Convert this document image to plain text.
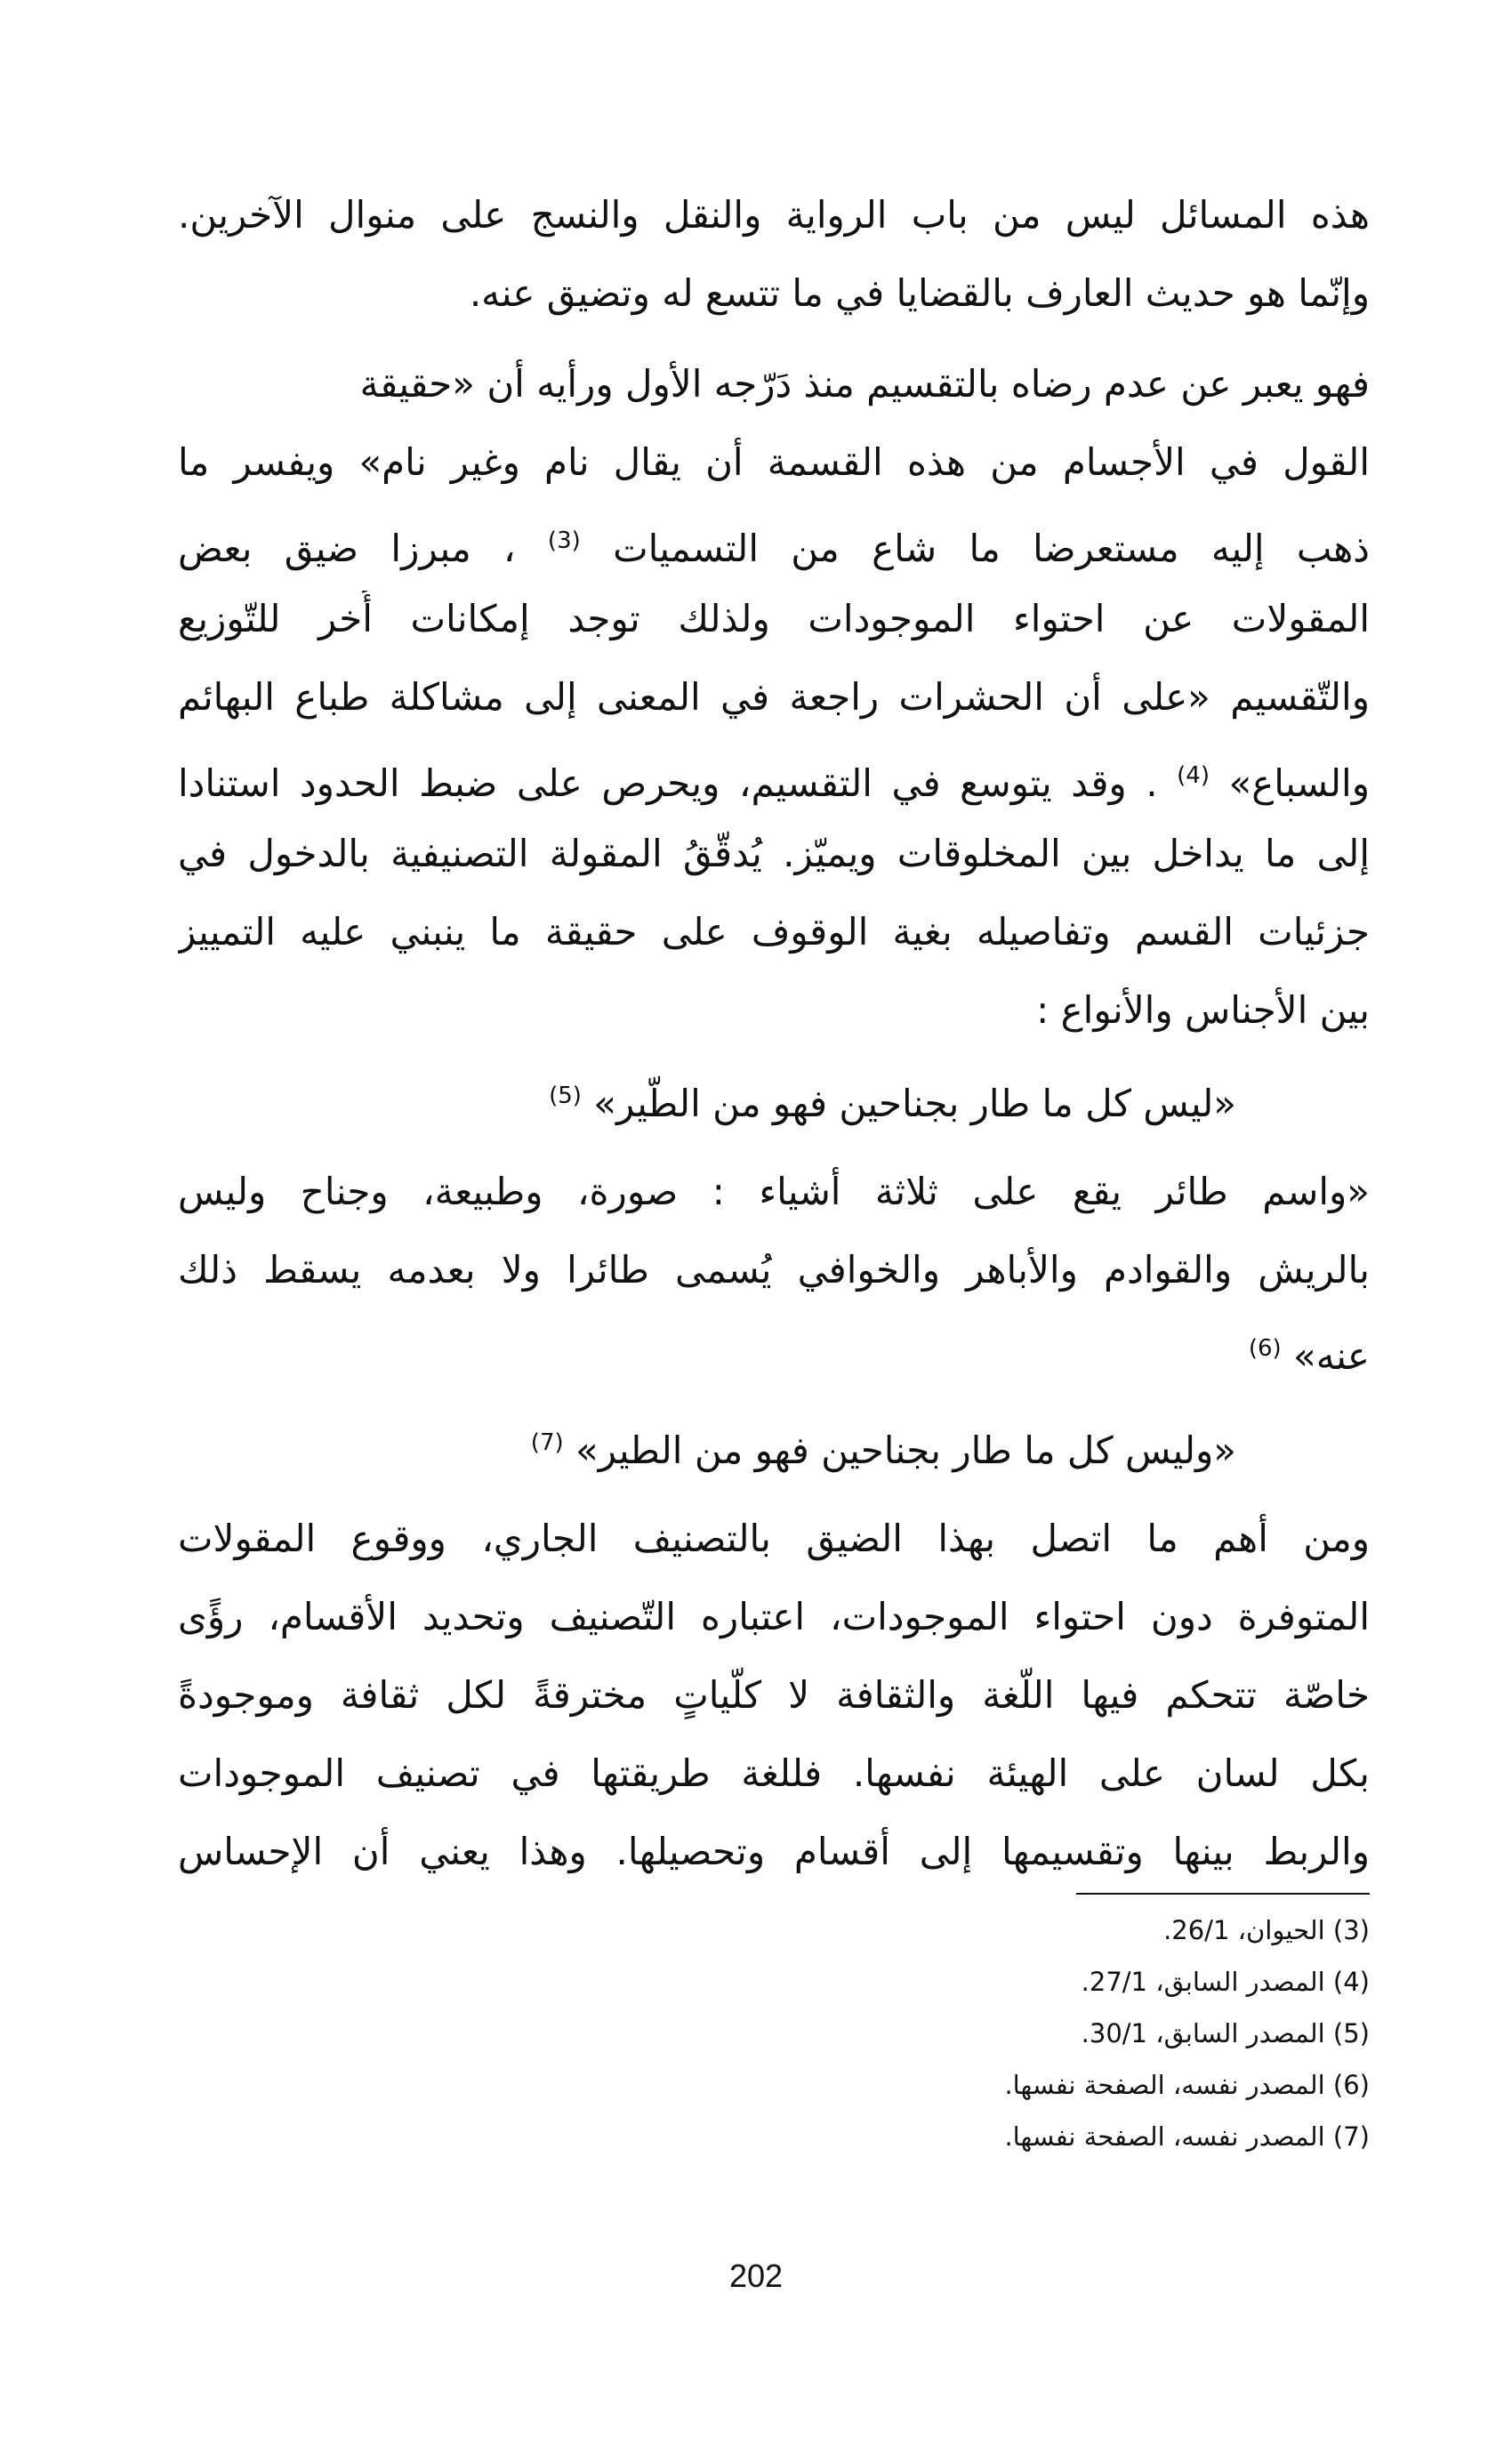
هذه المسائل ليس من باب الرواية والنقل والنسج على منوال الآخرين.
وإنّما هو حديث العارف بالقضايا في ما تتسع له وتضيق عنه.
فهو يعبر عن عدم رضاه بالتقسيم منذ دَرّجه الأول ورأيه أن «حقيقة
القول في الأجسام من هذه القسمة أن يقال نام وغير نام» ويفسر ما
ذهب إليه مستعرضا ما شاع من التسميات $^{(3)}$ ، مبرزا ضيق بعض
المقولات عن احتواء الموجودات ولذلك توجد إمكانات أُخر للتّوزيع
والتّقسيم «على أن الحشرات راجعة في المعنى إلى مشاكلة طباع البهائم
والسباع» $^{(4)}$ . وقد يتوسع في التقسيم، ويحرص على ضبط الحدود استنادا
إلى ما يداخل بين المخلوقات ويميّز. يُدقّقُ المقولة التصنيفية بالدخول في
جزئيات القسم وتفاصيله بغية الوقوف على حقيقة ما ينبني عليه التمييز
بين الأجناس والأنواع :
«ليس كل ما طار بجناحين فهو من الطّير» $^{(5)}$
«واسم طائر يقع على ثلاثة أشياء : صورة، وطبيعة، وجناح وليس
بالريش والقوادم والأباهر والخوافي يُسمى طائرا ولا بعدمه يسقط ذلك
عنه» $^{(6)}$
«وليس كل ما طار بجناحين فهو من الطير» $^{(7)}$
ومن أهم ما اتصل بهذا الضيق بالتصنيف الجاري، ووقوع المقولات
المتوفرة دون احتواء الموجودات، اعتباره التّصنيف وتحديد الأقسام، رؤًى
خاصّة تتحكم فيها اللّغة والثقافة لا كلّياتٍ مخترقةً لكل ثقافة وموجودةً
بكل لسان على الهيئة نفسها. فللغة طريقتها في تصنيف الموجودات
والربط بينها وتقسيمها إلى أقسام وتحصيلها. وهذا يعني أن الإحساس
(3) الحيوان، 26/1.
(4) المصدر السابق، 27/1.
(5) المصدر السابق، 30/1.
(6) المصدر نفسه، الصفحة نفسها.
(7) المصدر نفسه، الصفحة نفسها.
202
